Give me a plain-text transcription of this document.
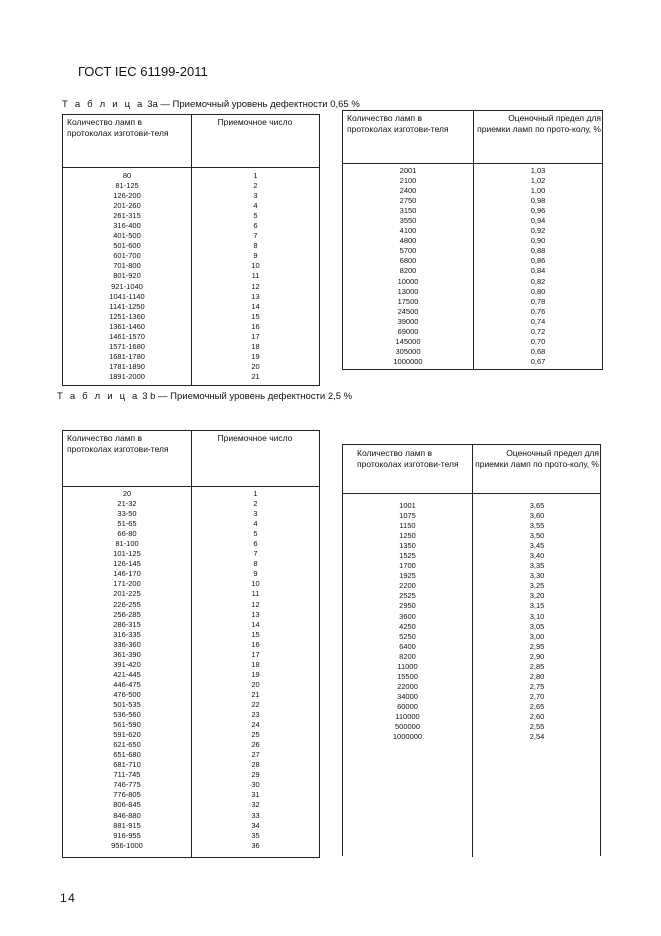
ГОСТ IEC 61199-2011
Т а б л и ц а 3а — Приемочный уровень дефектности 0,65 %
Количество ламп в протоколах изготови-теля
Приемочное число
80
81-125
126-200
201-260
261-315
316-400
401-500
501-600
601-700
701-800
801-920
921-1040
1041-1140
1141-1250
1251-1360
1361-1460
1461-1570
1571-1680
1681-1780
1781-1890
1891-2000
1
2
3
4
5
6
7
8
9
10
11
12
13
14
15
16
17
18
19
20
21
Количество ламп в протоколах изготови-теля
Оценочный предел для приемки ламп по прото-колу, %
2001
2100
2400
2750
3150
3550
4100
4800
5700
6800
8200
10000
13000
17500
24500
39000
69000
145000
305000
1000000
1,03
1,02
1,00
0,98
0,96
0,94
0,92
0,90
0,88
0,86
0,84
0,82
0,80
0,78
0,76
0,74
0,72
0,70
0,68
0,67
Т а б л и ц а 3 b — Приемочный уровень дефектности 2,5 %
Количество ламп в протоколах изготови-теля
Приемочное число
20
21-32
33-50
51-65
66-80
81-100
101-125
126-145
146-170
171-200
201-225
226-255
256-285
286-315
316-335
336-360
361-390
391-420
421-445
446-475
476-500
501-535
536-560
561-590
591-620
621-650
651-680
681-710
711-745
746-775
776-805
806-845
846-880
881-915
916-955
956-1000
1
2
3
4
5
6
7
8
9
10
11
12
13
14
15
16
17
18
19
20
21
22
23
24
25
26
27
28
29
30
31
32
33
34
35
36
Количество ламп в протоколах изготови-теля
Оценочный предел для приемки ламп по прото-колу, %
1001
1075
1150
1250
1350
1525
1700
1925
2200
2525
2950
3600
4250
5250
6400
8200
11000
15500
22000
34000
60000
110000
500000
1000000
3,65
3,60
3,55
3,50
3,45
3,40
3,35
3,30
3,25
3,20
3,15
3,10
3,05
3,00
2,95
2,90
2,85
2,80
2,75
2,70
2,65
2,60
2,55
2,54
14
